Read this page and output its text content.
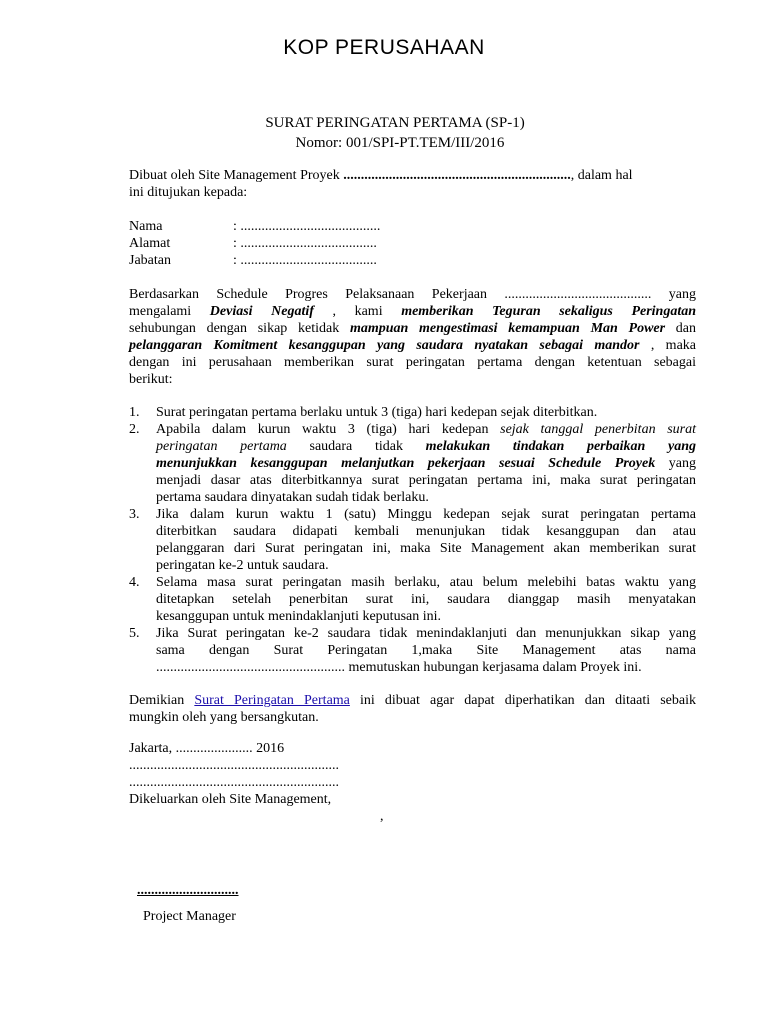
KOP PERUSAHAAN
SURAT PERINGATAN PERTAMA (SP-1)
Nomor: 001/SPI-PT.TEM/III/2016
Dibuat oleh Site Management Proyek ................................................................., dalam hal
ini ditujukan kepada:
Nama	: ........................................
Alamat	: .......................................
Jabatan	: .......................................
Berdasarkan Schedule Progres Pelaksanaan Pekerjaan .......................................... yang
mengalami Deviasi Negatif , kami memberikan Teguran sekaligus Peringatan
sehubungan dengan sikap ketidak mampuan mengestimasi kemampuan Man Power dan
pelanggaran Komitment kesanggupan yang saudara nyatakan sebagai mandor , maka
dengan ini perusahaan memberikan surat peringatan pertama dengan ketentuan sebagai
berikut:
1. Surat peringatan pertama berlaku untuk 3 (tiga) hari kedepan sejak diterbitkan.
2. Apabila dalam kurun waktu 3 (tiga) hari kedepan sejak tanggal penerbitan surat
peringatan pertama saudara tidak melakukan tindakan perbaikan yang
menunjukkan kesanggupan melanjutkan pekerjaan sesuai Schedule Proyek yang
menjadi dasar atas diterbitkannya surat peringatan pertama ini, maka surat peringatan
pertama saudara dinyatakan sudah tidak berlaku.
3. Jika dalam kurun waktu 1 (satu) Minggu kedepan sejak surat peringatan pertama
diterbitkan saudara didapati kembali menunjukan tidak kesanggupan dan atau
pelanggaran dari Surat peringatan ini, maka Site Management akan memberikan surat
peringatan ke-2 untuk saudara.
4. Selama masa surat peringatan masih berlaku, atau belum melebihi batas waktu yang
ditetapkan setelah penerbitan surat ini, saudara dianggap masih menyatakan
kesanggupan untuk menindaklanjuti keputusan ini.
5. Jika Surat peringatan ke-2 saudara tidak menindaklanjuti dan menunjukkan sikap yang
sama dengan Surat Peringatan 1,maka Site Management atas nama
...................................................... memutuskan hubungan kerjasama dalam Proyek ini.
Demikian Surat Peringatan Pertama ini dibuat agar dapat diperhatikan dan ditaati sebaik
mungkin oleh yang bersangkutan.
Jakarta, ...................... 2016
............................................................
............................................................
Dikeluarkan oleh Site Management,
,
.............................
Project Manager
